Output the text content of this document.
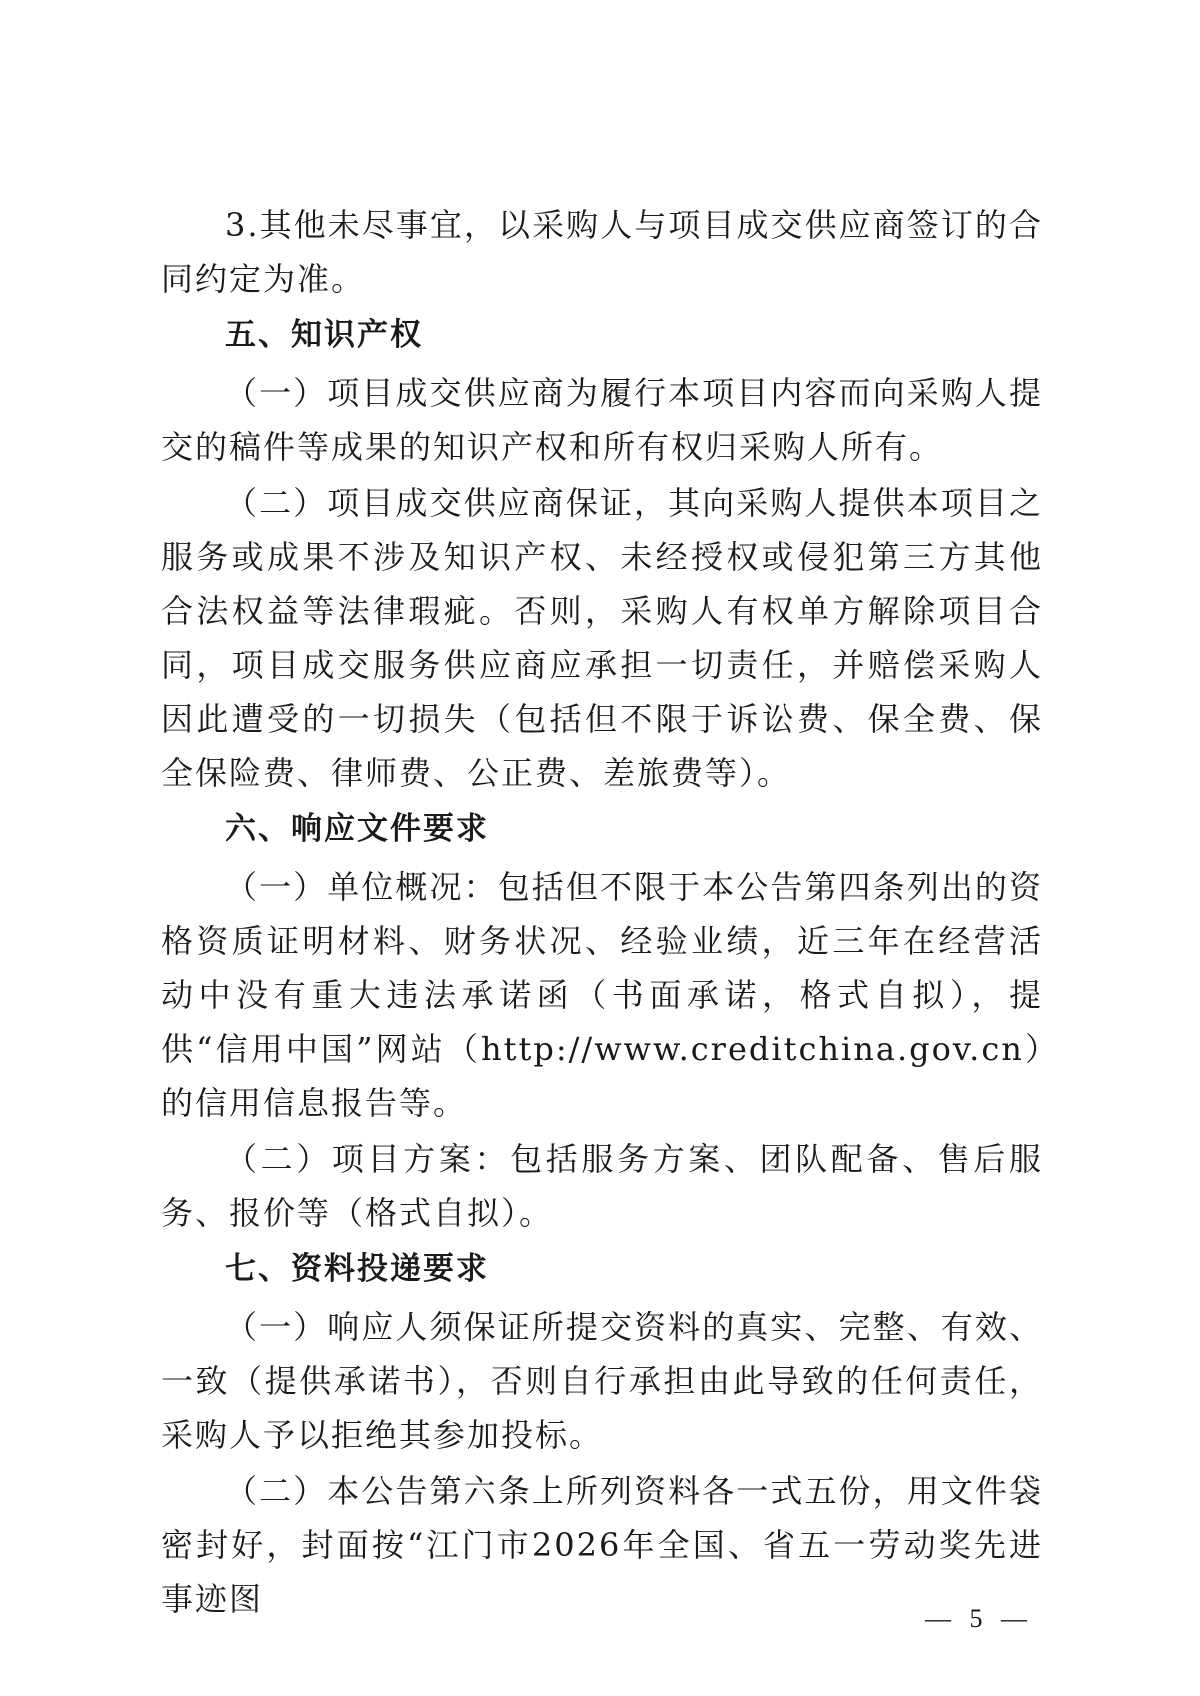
3.其他未尽事宜，以采购人与项目成交供应商签订的合同约定为准。

五、知识产权

（一）项目成交供应商为履行本项目内容而向采购人提交的稿件等成果的知识产权和所有权归采购人所有。

（二）项目成交供应商保证，其向采购人提供本项目之服务或成果不涉及知识产权、未经授权或侵犯第三方其他合法权益等法律瑕疵。否则，采购人有权单方解除项目合同，项目成交服务供应商应承担一切责任，并赔偿采购人因此遭受的一切损失（包括但不限于诉讼费、保全费、保全保险费、律师费、公正费、差旅费等）。

六、响应文件要求

（一）单位概况：包括但不限于本公告第四条列出的资格资质证明材料、财务状况、经验业绩，近三年在经营活动中没有重大违法承诺函（书面承诺，格式自拟），提供“信用中国”网站（http://www.creditchina.gov.cn）的信用信息报告等。

（二）项目方案：包括服务方案、团队配备、售后服务、报价等（格式自拟）。

七、资料投递要求

（一）响应人须保证所提交资料的真实、完整、有效、一致（提供承诺书），否则自行承担由此导致的任何责任，采购人予以拒绝其参加投标。

（二）本公告第六条上所列资料各一式五份，用文件袋密封好，封面按“江门市2026年全国、省五一劳动奖先进事迹图

— 5 —
